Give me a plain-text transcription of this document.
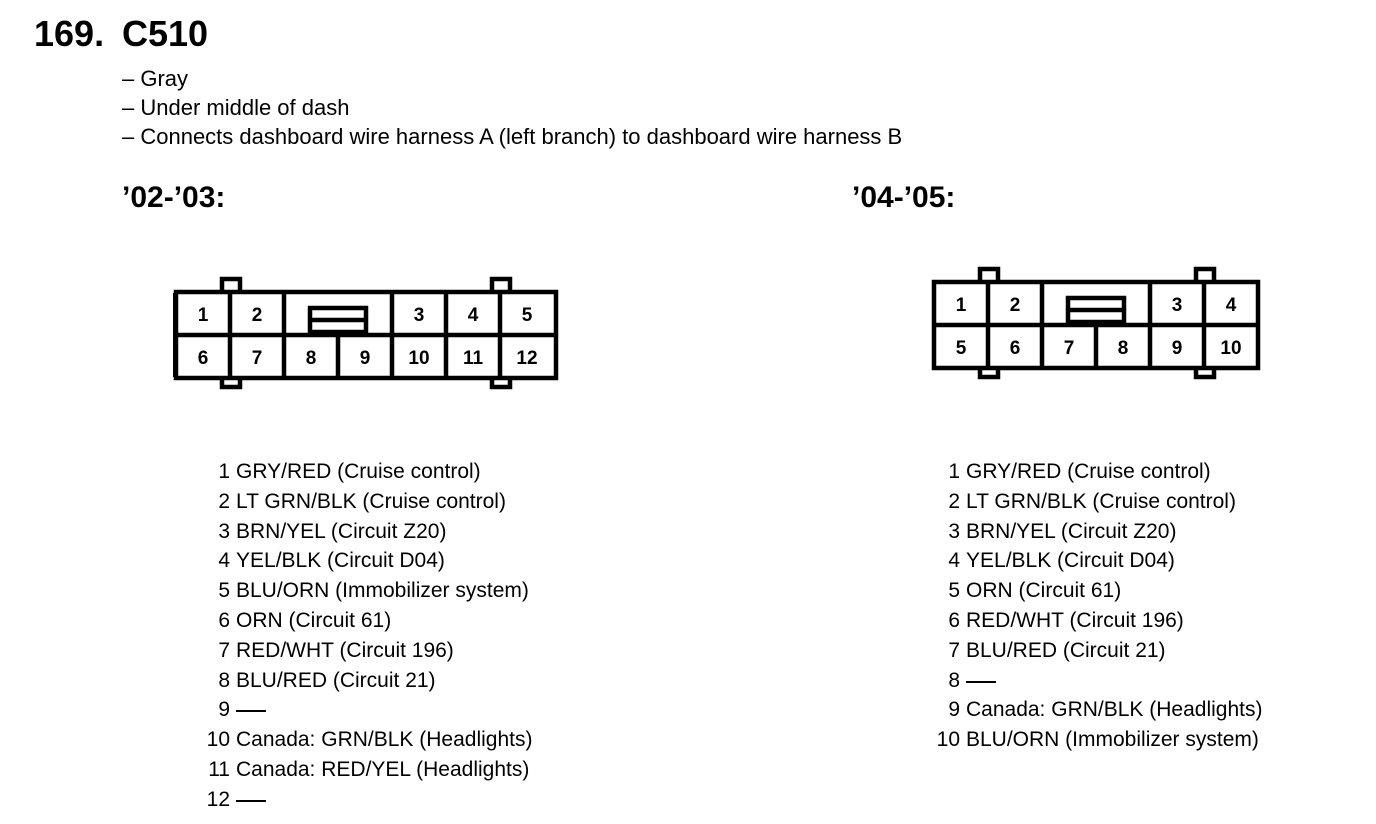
169. C510
– Gray
– Under middle of dash
– Connects dashboard wire harness A (left branch) to dashboard wire harness B
’02-’03:	’04-’05:
1 2	3 4 5
6 7 8 9 10 11 12
1 2	3 4
5 6 7 8 9 10
1 GRY/RED (Cruise control)
2 LT GRN/BLK (Cruise control)
3 BRN/YEL (Circuit Z20)
4 YEL/BLK (Circuit D04)
5 BLU/ORN (Immobilizer system)
6 ORN (Circuit 61)
7 RED/WHT (Circuit 196)
8 BLU/RED (Circuit 21)
9
10 Canada: GRN/BLK (Headlights)
11 Canada: RED/YEL (Headlights)
12
1 GRY/RED (Cruise control)
2 LT GRN/BLK (Cruise control)
3 BRN/YEL (Circuit Z20)
4 YEL/BLK (Circuit D04)
5 ORN (Circuit 61)
6 RED/WHT (Circuit 196)
7 BLU/RED (Circuit 21)
8
9 Canada: GRN/BLK (Headlights)
10 BLU/ORN (Immobilizer system)
